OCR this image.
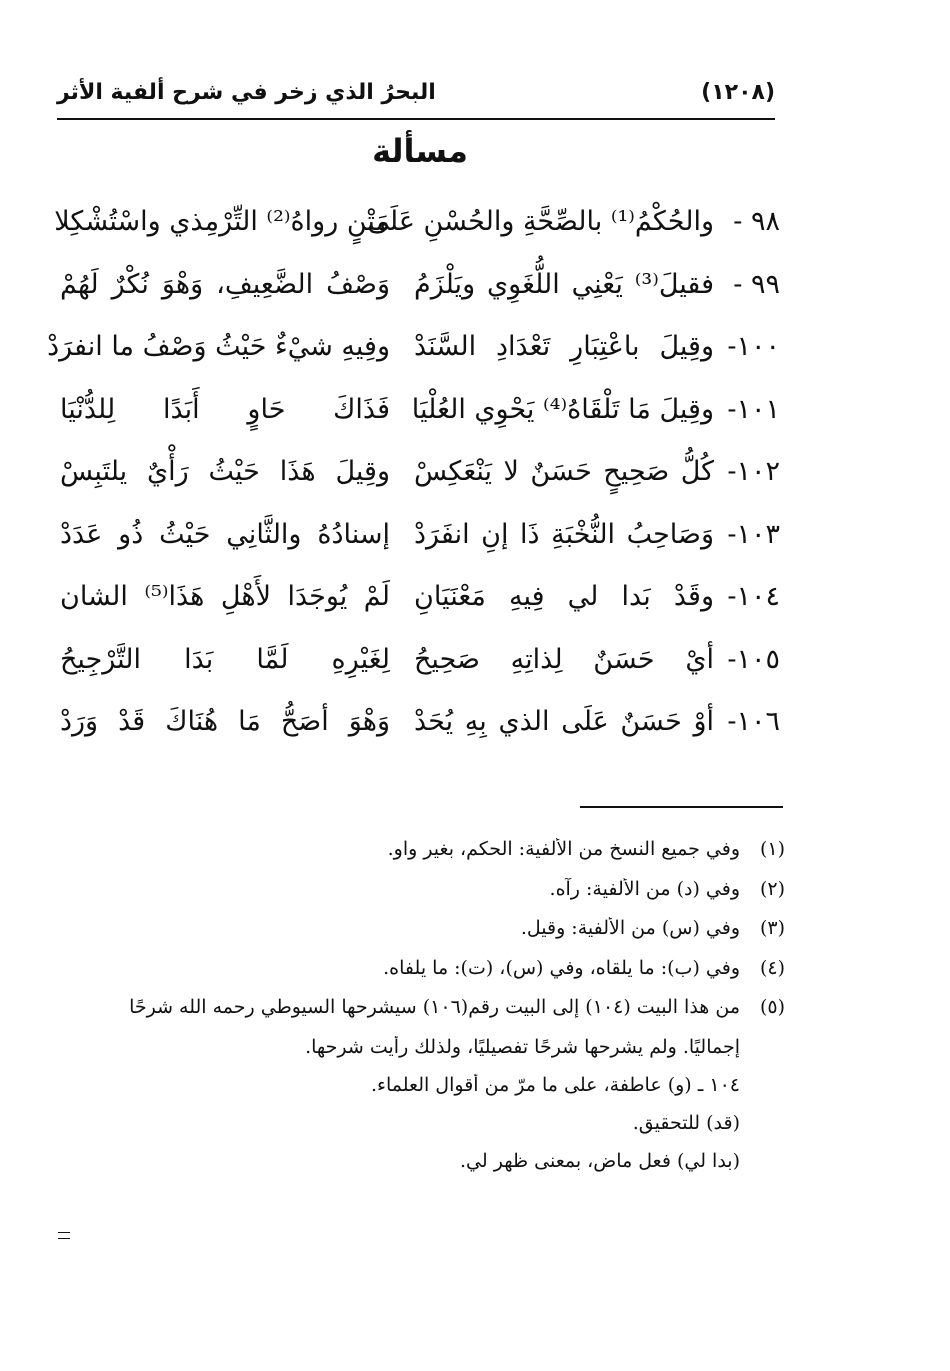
البحرُ الذي زخر في شرح ألفية الأثر	(١٢٠٨)
مسألة
٩٨ -
والحُكْمُ⁽¹⁾ بالصِّحَّةِ والحُسْنِ عَلَى
مَتْنٍ رواهُ⁽²⁾ التِّرْمِذي واسْتُشْكِلا
٩٩ -
فقيلَ⁽³⁾ يَعْنِي اللُّغَوِي ويَلْزَمُ
وَصْفُ الضَّعِيفِ، وَهْوَ نُكْرٌ لَهُمْ
١٠٠-
وقِيلَ باعْتِبَارِ تَعْدَادِ السَّنَدْ
وفِيهِ شيْءٌ حَيْثُ وَصْفُ ما انفرَدْ
١٠١-
وقِيلَ مَا تَلْقَاهُ⁽⁴⁾ يَحْوِي العُلْيَا
فَذَاكَ حَاوٍ أَبَدًا لِلدُّنْيَا
١٠٢-
كُلُّ صَحِيحٍ حَسَنٌ لا يَنْعَكِسْ
وقِيلَ هَذَا حَيْثُ رَأْيٌ يلتَبِسْ
١٠٣-
وَصَاحِبُ النُّخْبَةِ ذَا إنِ انفَرَدْ
إسنادُهُ والثَّانِي حَيْثُ ذُو عَدَدْ
١٠٤-
وقَدْ بَدا لي فِيهِ مَعْنَيَانِ
لَمْ يُوجَدَا لأَهْلِ هَذَا⁽⁵⁾ الشان
١٠٥-
أيْ حَسَنٌ لِذاتِهِ صَحِيحُ
لِغَيْرِهِ لَمَّا بَدَا التَّرْجِيحُ
١٠٦-
أوْ حَسَنٌ عَلَى الذي بِهِ يُحَدْ
وَهْوَ أصَحُّ مَا هُنَاكَ قَدْ وَرَدْ
(١)
وفي جميع النسخ من الألفية: الحكم، بغير واو.
(٢)
وفي (د) من الألفية: رآه.
(٣)
وفي (س) من الألفية: وقيل.
(٤)
وفي (ب): ما يلقاه، وفي (س)، (ت): ما يلفاه.
(٥)
من هذا البيت (١٠٤) إلى البيت رقم(١٠٦) سيشرحها السيوطي رحمه الله شرحًا
إجماليًا. ولم يشرحها شرحًا تفصيليًا، ولذلك رأيت شرحها.
١٠٤ ـ (و) عاطفة، على ما مرّ من أقوال العلماء.
(قد) للتحقيق.
(بدا لي) فعل ماضٍ، بمعنى ظهر لي.
